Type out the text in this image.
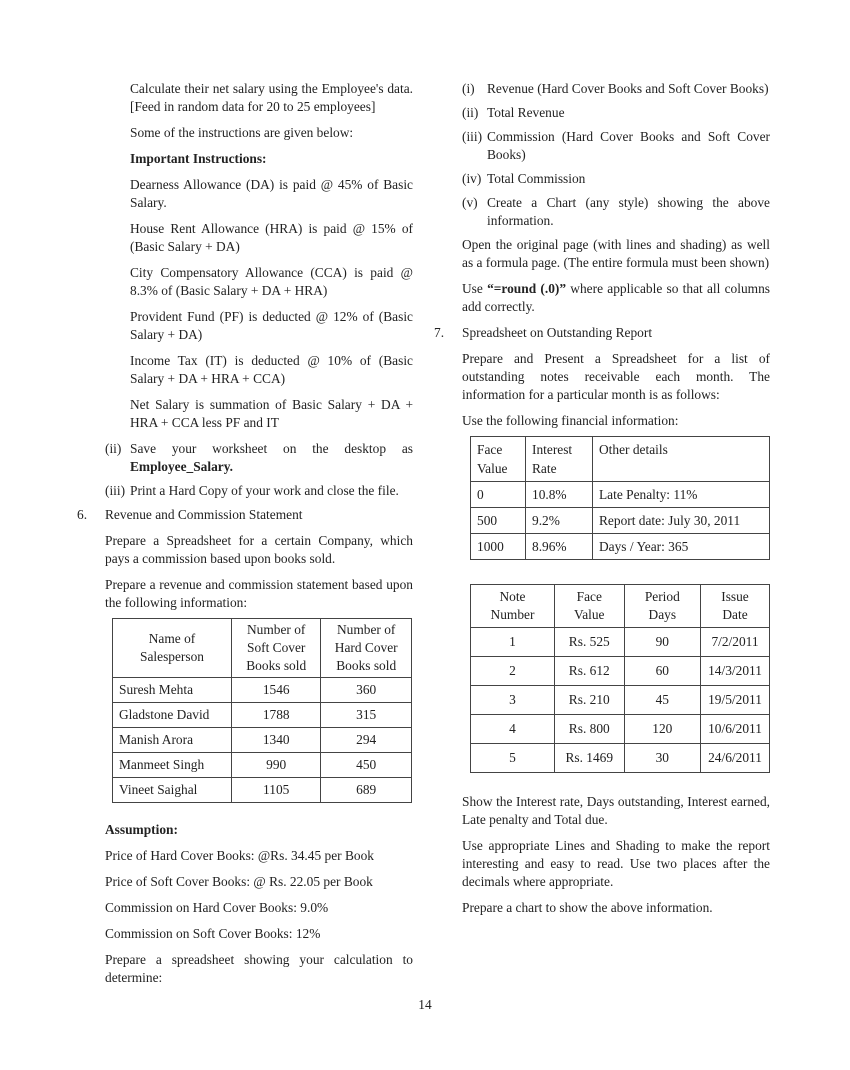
Calculate their net salary using the Employee's data. [Feed in random data for 20 to 25 employees]

Some of the instructions are given below:

Important Instructions:

Dearness Allowance (DA) is paid @ 45% of Basic Salary.

House Rent Allowance (HRA) is paid @ 15% of (Basic Salary + DA)

City Compensatory Allowance (CCA) is paid @ 8.3% of (Basic Salary + DA + HRA)

Provident Fund (PF) is deducted @ 12% of (Basic Salary + DA)

Income Tax (IT) is deducted @ 10% of (Basic Salary + DA + HRA + CCA)

Net Salary is summation of Basic Salary + DA + HRA + CCA less PF and IT

(ii) Save your worksheet on the desktop as Employee_Salary.
(iii) Print a Hard Copy of your work and close the file.
6. Revenue and Commission Statement

Prepare a Spreadsheet for a certain Company, which pays a commission based upon books sold.

Prepare a revenue and commission statement based upon the following information:

Name of Salesperson	Number of Soft Cover Books sold	Number of Hard Cover Books sold
Suresh Mehta	1546	360
Gladstone David	1788	315
Manish Arora	1340	294
Manmeet Singh	990	450
Vineet Saighal	1105	689

Assumption:

Price of Hard Cover Books: @Rs. 34.45 per Book

Price of Soft Cover Books: @ Rs. 22.05 per Book

Commission on Hard Cover Books: 9.0%

Commission on Soft Cover Books: 12%

Prepare a spreadsheet showing your calculation to determine:

(i) Revenue (Hard Cover Books and Soft Cover Books)
(ii) Total Revenue
(iii) Commission (Hard Cover Books and Soft Cover Books)
(iv) Total Commission
(v) Create a Chart (any style) showing the above information.

Open the original page (with lines and shading) as well as a formula page. (The entire formula must been shown)

Use “=round (.0)” where applicable so that all columns add correctly.

7. Spreadsheet on Outstanding Report

Prepare and Present a Spreadsheet for a list of outstanding notes receivable each month. The information for a particular month is as follows:

Use the following financial information:

Face Value	Interest Rate	Other details
0	10.8%	Late Penalty: 11%
500	9.2%	Report date: July 30, 2011
1000	8.96%	Days / Year: 365
Note Number	Face Value	Period Days	Issue Date
1	Rs. 525	90	7/2/2011
2	Rs. 612	60	14/3/2011
3	Rs. 210	45	19/5/2011
4	Rs. 800	120	10/6/2011
5	Rs. 1469	30	24/6/2011

Show the Interest rate, Days outstanding, Interest earned, Late penalty and Total due.

Use appropriate Lines and Shading to make the report interesting and easy to read. Use two places after the decimals where appropriate.

Prepare a chart to show the above information.

14
